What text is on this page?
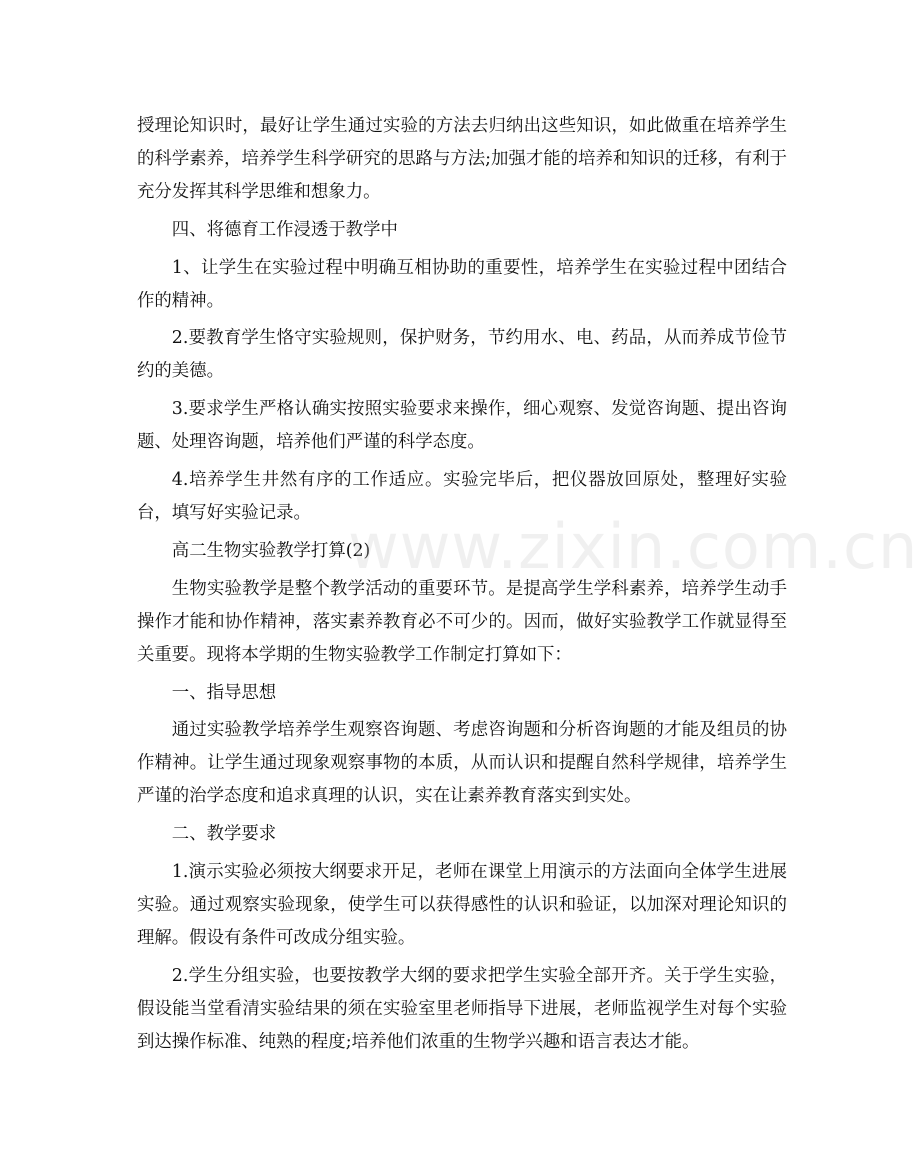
授理论知识时，最好让学生通过实验的方法去归纳出这些知识，如此做重在培养学生的科学素养，培养学生科学研究的思路与方法;加强才能的培养和知识的迁移，有利于充分发挥其科学思维和想象力。

四、将德育工作浸透于教学中

1、让学生在实验过程中明确互相协助的重要性，培养学生在实验过程中团结合作的精神。

2.要教育学生恪守实验规则，保护财务，节约用水、电、药品，从而养成节俭节约的美德。

3.要求学生严格认确实按照实验要求来操作，细心观察、发觉咨询题、提出咨询题、处理咨询题，培养他们严谨的科学态度。

4.培养学生井然有序的工作适应。实验完毕后，把仪器放回原处，整理好实验台，填写好实验记录。

高二生物实验教学打算(2)

生物实验教学是整个教学活动的重要环节。是提高学生学科素养，培养学生动手操作才能和协作精神，落实素养教育必不可少的。因而，做好实验教学工作就显得至关重要。现将本学期的生物实验教学工作制定打算如下：

一、指导思想

通过实验教学培养学生观察咨询题、考虑咨询题和分析咨询题的才能及组员的协作精神。让学生通过现象观察事物的本质，从而认识和提醒自然科学规律，培养学生严谨的治学态度和追求真理的认识，实在让素养教育落实到实处。

二、教学要求

1.演示实验必须按大纲要求开足，老师在课堂上用演示的方法面向全体学生进展实验。通过观察实验现象，使学生可以获得感性的认识和验证，以加深对理论知识的理解。假设有条件可改成分组实验。

2.学生分组实验，也要按教学大纲的要求把学生实验全部开齐。关于学生实验，假设能当堂看清实验结果的须在实验室里老师指导下进展，老师监视学生对每个实验到达操作标准、纯熟的程度;培养他们浓重的生物学兴趣和语言表达才能。

www.zixin.com.cn
